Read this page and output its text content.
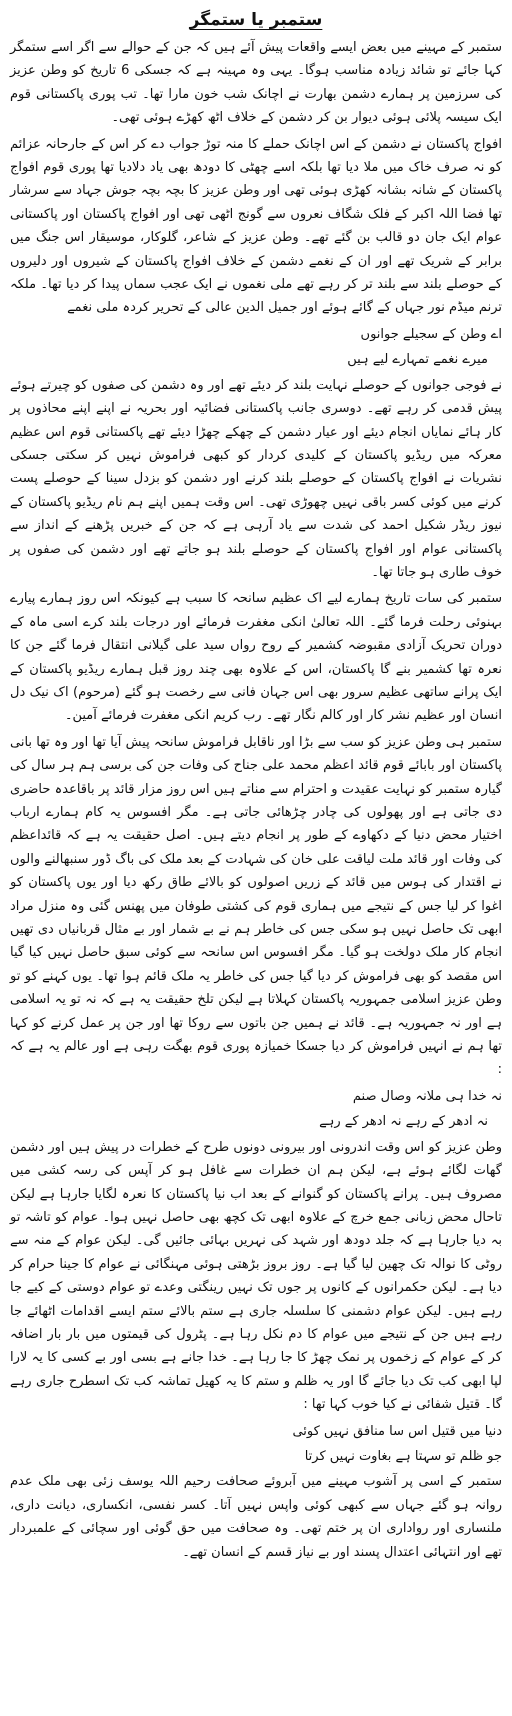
ستمبر یا ستمگر

ستمبر کے مہینے میں بعض ایسے واقعات پیش آئے ہیں کہ جن کے حوالے سے اگر اسے ستمگر کہا جائے تو شائد زیادہ مناسب ہوگا۔ یہی وہ مہینہ ہے کہ جسکی 6 تاریخ کو وطن عزیز کی سرزمین پر ہمارے دشمن بھارت نے اچانک شب خون مارا تھا۔ تب پوری پاکستانی قوم ایک سیسہ پلائی ہوئی دیوار بن کر دشمن کے خلاف اٹھ کھڑے ہوئی تھی۔

افواج پاکستان نے دشمن کے اس اچانک حملے کا منہ توڑ جواب دے کر اس کے جارحانہ عزائم کو نہ صرف خاک میں ملا دیا تھا بلکہ اسے چھٹی کا دودھ بھی یاد دلادیا تھا پوری قوم افواج پاکستان کے شانہ بشانہ کھڑی ہوئی تھی اور وطن عزیز کا بچہ بچہ جوش جہاد سے سرشار تھا فضا اللہ اکبر کے فلک شگاف نعروں سے گونج اٹھی تھی اور افواج پاکستان اور پاکستانی عوام ایک جان دو قالب بن گئے تھے۔ وطن عزیز کے شاعر، گلوکار، موسیقار اس جنگ میں برابر کے شریک تھے اور ان کے نغمے دشمن کے خلاف افواج پاکستان کے شیروں اور دلیروں کے حوصلے بلند سے بلند تر کر رہے تھے ملی نغموں نے ایک عجب سماں پیدا کر دیا تھا۔ ملکہ ترنم میڈم نور جہاں کے گائے ہوئے اور جمیل الدین عالی کے تحریر کردہ ملی نغمے

اے وطن کے سجیلے جوانوں

میرے نغمے تمہارے لیے ہیں

نے فوجی جوانوں کے حوصلے نہایت بلند کر دیئے تھے اور وہ دشمن کی صفوں کو چیرتے ہوئے پیش قدمی کر رہے تھے۔ دوسری جانب پاکستانی فضائیہ اور بحریہ نے اپنے اپنے محاذوں پر کار ہائے نمایاں انجام دیئے اور عیار دشمن کے چھکے چھڑا دیئے تھے پاکستانی قوم اس عظیم معرکہ میں ریڈیو پاکستان کے کلیدی کردار کو کبھی فراموش نہیں کر سکتی جسکی نشریات نے افواج پاکستان کے حوصلے بلند کرنے اور دشمن کو بزدل سینا کے حوصلے پست کرنے میں کوئی کسر باقی نہیں چھوڑی تھی۔ اس وقت ہمیں اپنے ہم نام ریڈیو پاکستان کے نیوز ریڈر شکیل احمد کی شدت سے یاد آرہی ہے کہ جن کے خبریں پڑھنے کے انداز سے پاکستانی عوام اور افواج پاکستان کے حوصلے بلند ہو جاتے تھے اور دشمن کی صفوں پر خوف طاری ہو جاتا تھا۔

ستمبر کی سات تاریخ ہمارے لیے اک عظیم سانحہ کا سبب ہے کیونکہ اس روز ہمارے پیارے بہنوئی رحلت فرما گئے۔ اللہ تعالیٰ انکی مغفرت فرمائے اور درجات بلند کرے اسی ماہ کے دوران تحریک آزادی مقبوضہ کشمیر کے روح رواں سید علی گیلانی انتقال فرما گئے جن کا نعرہ تھا کشمیر بنے گا پاکستان، اس کے علاوہ بھی چند روز قبل ہمارے ریڈیو پاکستان کے ایک پرانے ساتھی عظیم سرور بھی اس جہان فانی سے رخصت ہو گئے (مرحوم) اک نیک دل انسان اور عظیم نشر کار اور کالم نگار تھے۔ رب کریم انکی مغفرت فرمائے آمین۔

ستمبر ہی وطن عزیز کو سب سے بڑا اور ناقابل فراموش سانحہ پیش آیا تھا اور وہ تھا بانی پاکستان اور بابائے قوم قائد اعظم محمد علی جناح کی وفات جن کی برسی ہم ہر سال کی گیارہ ستمبر کو نہایت عقیدت و احترام سے مناتے ہیں اس روز مزار قائد پر باقاعدہ حاضری دی جاتی ہے اور پھولوں کی چادر چڑھائی جاتی ہے۔ مگر افسوس یہ کام ہمارے ارباب اختیار محض دنیا کے دکھاوے کے طور پر انجام دیتے ہیں۔ اصل حقیقت یہ ہے کہ قائداعظم کی وفات اور قائد ملت لیاقت علی خان کی شہادت کے بعد ملک کی باگ ڈور سنبھالنے والوں نے اقتدار کی ہوس میں قائد کے زریں اصولوں کو بالائے طاق رکھ دیا اور یوں پاکستان کو اغوا کر لیا جس کے نتیجے میں ہماری قوم کی کشتی طوفان میں پھنس گئی وہ منزل مراد ابھی تک حاصل نہیں ہو سکی جس کی خاطر ہم نے بے شمار اور بے مثال قربانیاں دی تھیں انجام کار ملک دولخت ہو گیا۔ مگر افسوس اس سانحہ سے کوئی سبق حاصل نہیں کیا گیا اس مقصد کو بھی فراموش کر دیا گیا جس کی خاطر یہ ملک قائم ہوا تھا۔ یوں کہنے کو تو وطن عزیز اسلامی جمہوریہ پاکستان کہلاتا ہے لیکن تلخ حقیقت یہ ہے کہ نہ تو یہ اسلامی ہے اور نہ جمہوریہ ہے۔ قائد نے ہمیں جن باتوں سے روکا تھا اور جن پر عمل کرنے کو کہا تھا ہم نے انہیں فراموش کر دیا جسکا خمیازہ پوری قوم بھگت رہی ہے اور عالم یہ ہے کہ :

نہ خدا ہی ملانہ وصال صنم

نہ ادھر کے رہے نہ ادھر کے رہے

وطن عزیز کو اس وقت اندرونی اور بیرونی دونوں طرح کے خطرات در پیش ہیں اور دشمن گھات لگائے ہوئے ہے، لیکن ہم ان خطرات سے غافل ہو کر آپس کی رسہ کشی میں مصروف ہیں۔ پرانے پاکستان کو گنوانے کے بعد اب نیا پاکستان کا نعرہ لگایا جارہا ہے لیکن تاحال محض زبانی جمع خرچ کے علاوہ ابھی تک کچھ بھی حاصل نہیں ہوا۔ عوام کو تاشہ تو بہ دیا جارہا ہے کہ جلد دودھ اور شہد کی نہریں بہائی جائیں گی۔ لیکن عوام کے منہ سے روٹی کا نوالہ تک چھین لیا گیا ہے۔ روز بروز بڑھتی ہوئی مہنگائی نے عوام کا جینا حرام کر دیا ہے۔ لیکن حکمرانوں کے کانوں پر جوں تک نہیں رینگتی وعدے تو عوام دوستی کے کیے جا رہے ہیں۔ لیکن عوام دشمنی کا سلسلہ جاری ہے ستم بالائے ستم ایسے اقدامات اٹھائے جا رہے ہیں جن کے نتیجے میں عوام کا دم نکل رہا ہے۔ پٹرول کی قیمتوں میں بار بار اضافہ کر کے عوام کے زخموں پر نمک چھڑ کا جا رہا ہے۔ خدا جانے ہے بسی اور بے کسی کا یہ لارا لپا ابھی کب تک دیا جائے گا اور یہ ظلم و ستم کا یہ کھیل تماشہ کب تک اسطرح جاری رہے گا۔ قتیل شفائی نے کیا خوب کہا تھا :

دنیا میں قتیل اس سا منافق نہیں کوئی

جو ظلم تو سہتا ہے بغاوت نہیں کرتا

ستمبر کے اسی پر آشوب مہینے میں آبروئے صحافت رحیم اللہ یوسف زئی بھی ملک عدم روانہ ہو گئے جہاں سے کبھی کوئی واپس نہیں آتا۔ کسر نفسی، انکساری، دیانت داری، ملنساری اور رواداری ان پر ختم تھی۔ وہ صحافت میں حق گوئی اور سچائی کے علمبردار تھے اور انتہائی اعتدال پسند اور بے نیاز قسم کے انسان تھے۔
